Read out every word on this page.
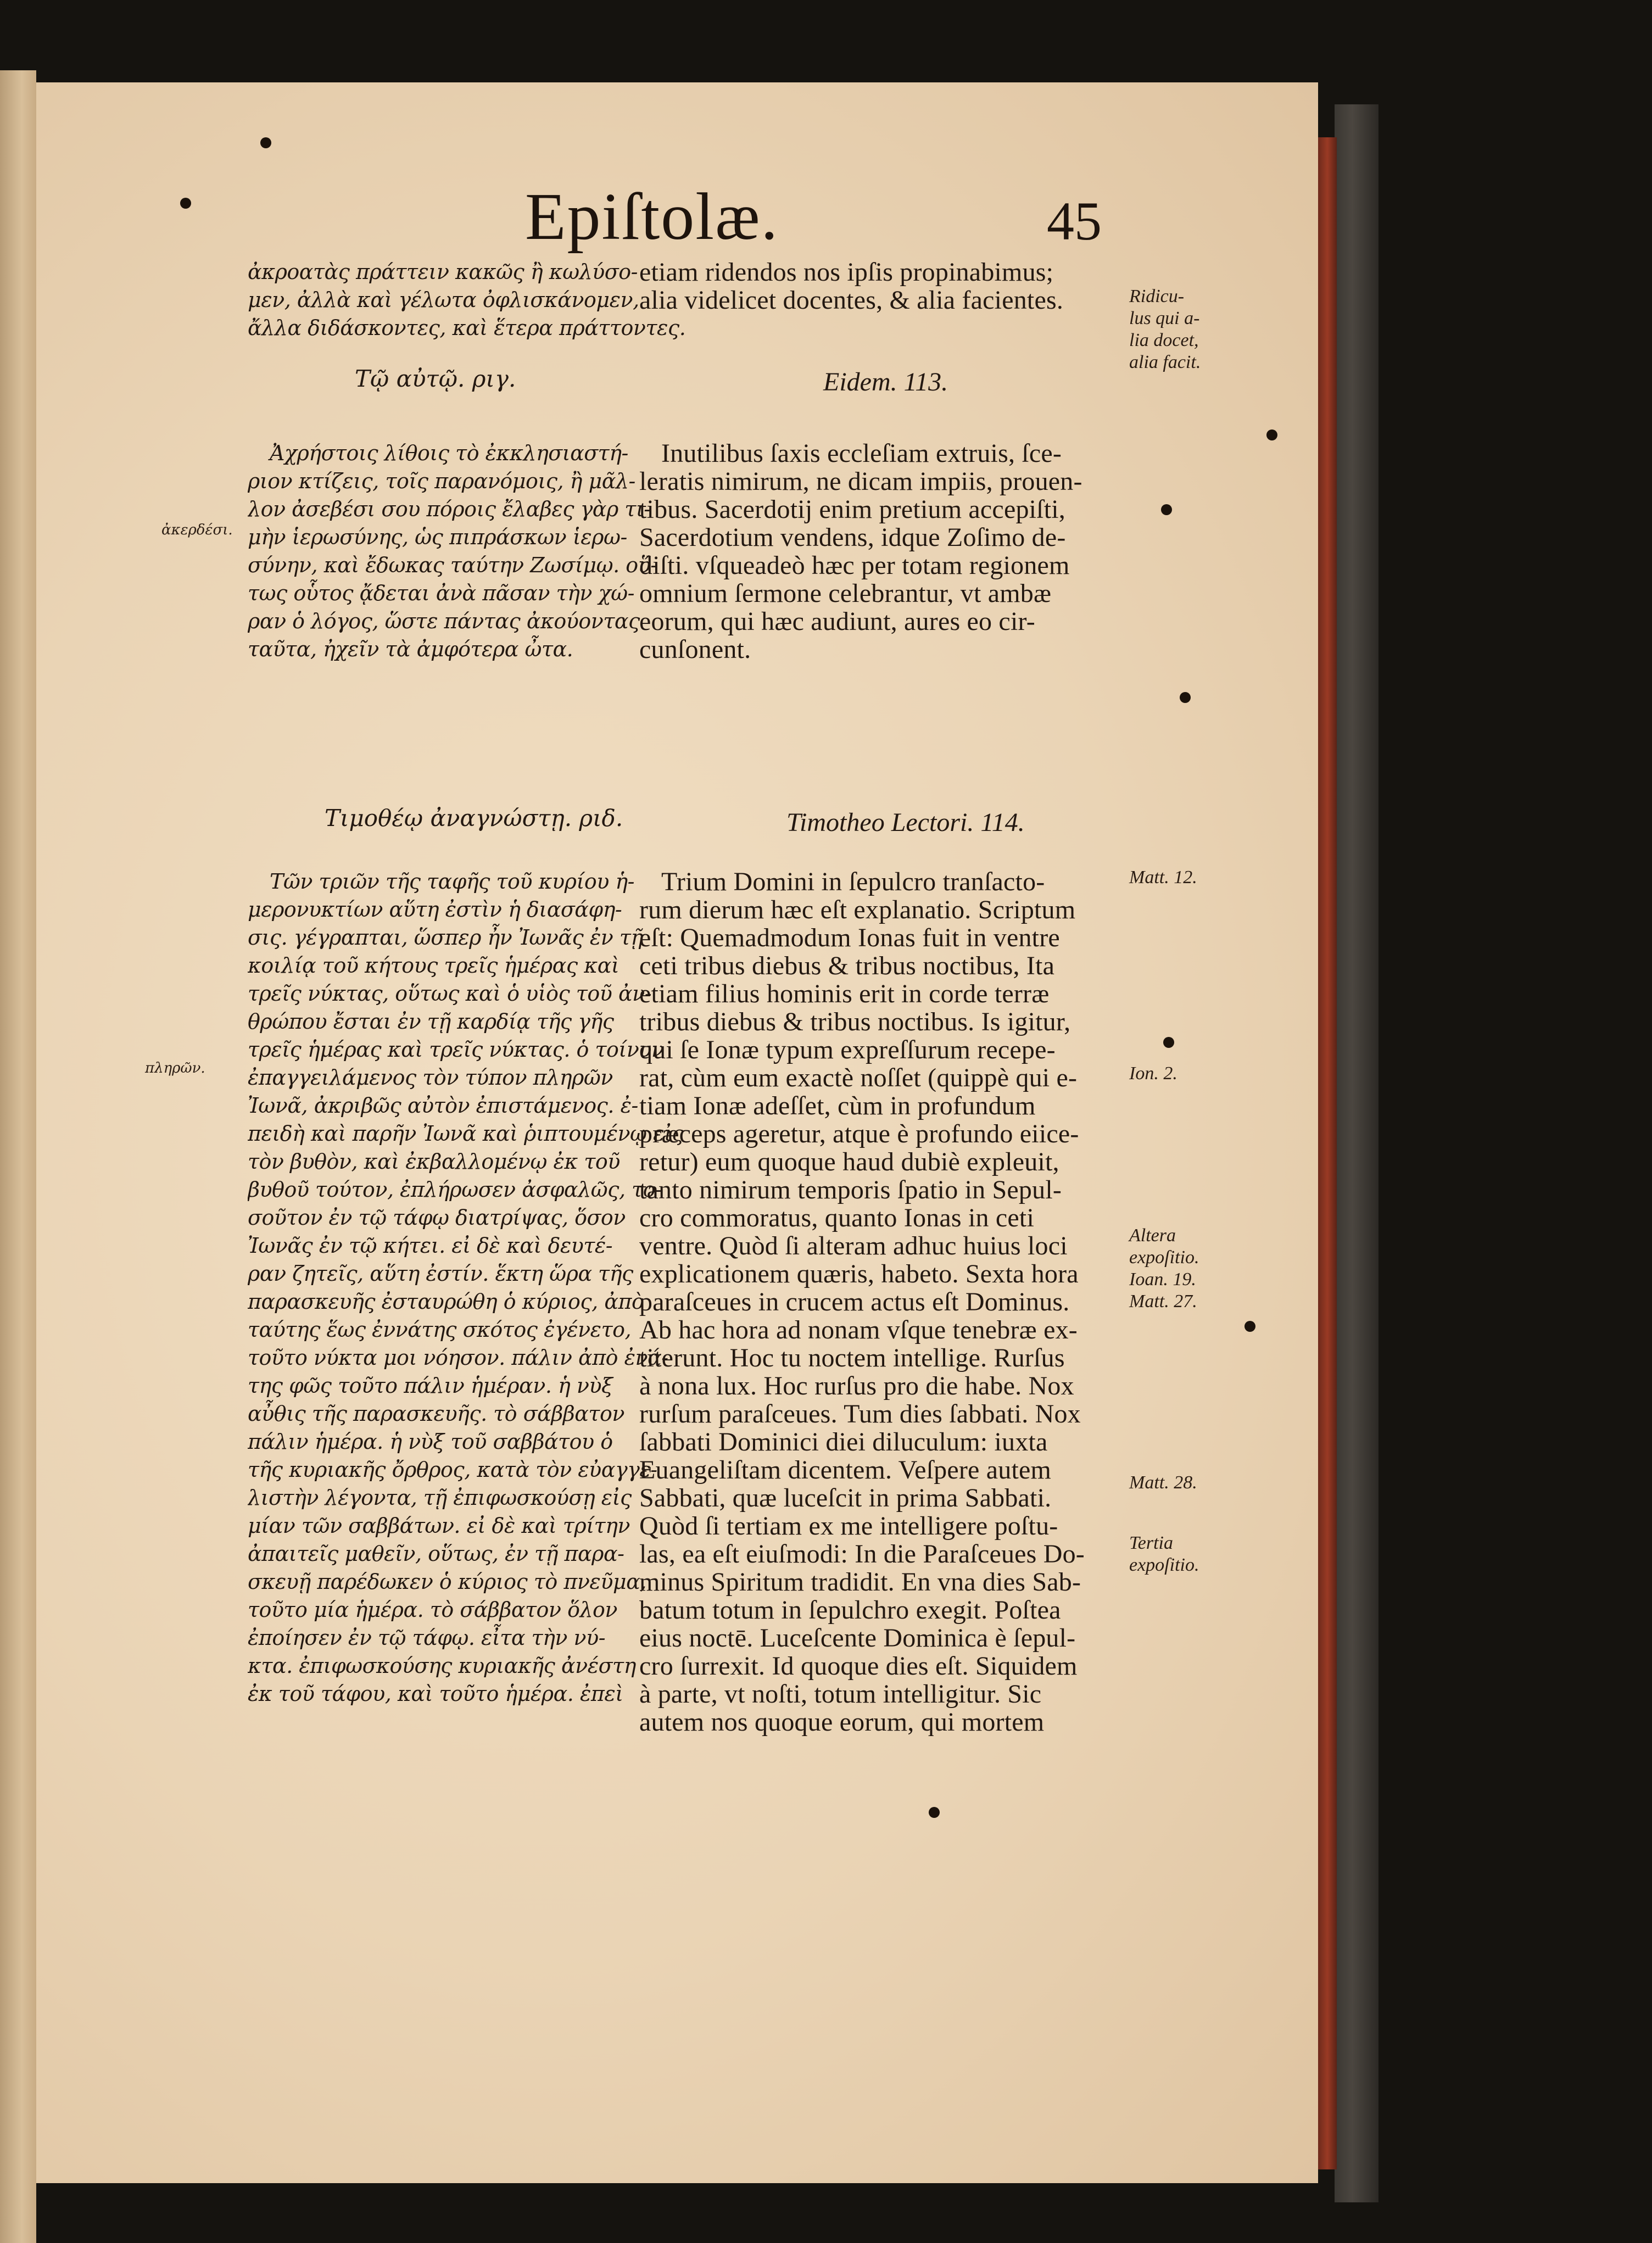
Epiſtolæ.	45
ἀκροατὰς πράττειν κακῶς ἢ κωλύσο-
μεν, ἀλλὰ καὶ γέλωτα ὀφλισκάνομεν,
ἄλλα διδάσκοντες, καὶ ἕτερα πράττοντες.
Τῷ αὐτῷ. ριγ.
Ἀχρήστοις λίθοις τὸ ἐκκλησιαστή-
ριον κτίζεις, τοῖς παρανόμοις, ἢ μᾶλ-
λον ἀσεβέσι σου πόροις ἔλαβες γὰρ τι-
μὴν ἱερωσύνης, ὡς πιπράσκων ἱερω-
σύνην, καὶ ἔδωκας ταύτην Ζωσίμῳ. οὕ-
τως οὗτος ᾄδεται ἀνὰ πᾶσαν τὴν χώ-
ραν ὁ λόγος, ὥστε πάντας ἀκούοντας
ταῦτα, ἠχεῖν τὰ ἀμφότερα ὦτα.
Τιμοθέῳ ἀναγνώστῃ. ριδ.
Τῶν τριῶν τῆς ταφῆς τοῦ κυρίου ἡ-
μερονυκτίων αὕτη ἐστὶν ἡ διασάφη-
σις. γέγραπται, ὥσπερ ἦν Ἰωνᾶς ἐν τῇ
κοιλίᾳ τοῦ κήτους τρεῖς ἡμέρας καὶ
τρεῖς νύκτας, οὕτως καὶ ὁ υἱὸς τοῦ ἀν-
θρώπου ἔσται ἐν τῇ καρδίᾳ τῆς γῆς
τρεῖς ἡμέρας καὶ τρεῖς νύκτας. ὁ τοίνυν
ἐπαγγειλάμενος τὸν τύπον πληρῶν
Ἰωνᾶ, ἀκριβῶς αὐτὸν ἐπιστάμενος. ἐ-
πειδὴ καὶ παρῆν Ἰωνᾶ καὶ ῥιπτουμένῳ εἰς
τὸν βυθὸν, καὶ ἐκβαλλομένῳ ἐκ τοῦ
βυθοῦ τούτον, ἐπλήρωσεν ἀσφαλῶς, το-
σοῦτον ἐν τῷ τάφῳ διατρίψας, ὅσον
Ἰωνᾶς ἐν τῷ κήτει. εἰ δὲ καὶ δευτέ-
ραν ζητεῖς, αὕτη ἐστίν. ἕκτη ὥρα τῆς
παρασκευῆς ἐσταυρώθη ὁ κύριος, ἀπὸ
ταύτης ἕως ἐννάτης σκότος ἐγένετο,
τοῦτο νύκτα μοι νόησον. πάλιν ἀπὸ ἐνά-
της φῶς τοῦτο πάλιν ἡμέραν. ἡ νὺξ
αὖθις τῆς παρασκευῆς. τὸ σάββατον
πάλιν ἡμέρα. ἡ νὺξ τοῦ σαββάτου ὁ
τῆς κυριακῆς ὄρθρος, κατὰ τὸν εὐαγγε-
λιστὴν λέγοντα, τῇ ἐπιφωσκούσῃ εἰς
μίαν τῶν σαββάτων. εἰ δὲ καὶ τρίτην
ἀπαιτεῖς μαθεῖν, οὕτως, ἐν τῇ παρα-
σκευῇ παρέδωκεν ὁ κύριος τὸ πνεῦμα,
τοῦτο μία ἡμέρα. τὸ σάββατον ὅλον
ἐποίησεν ἐν τῷ τάφῳ. εἶτα τὴν νύ-
κτα. ἐπιφωσκούσης κυριακῆς ἀνέστη
ἐκ τοῦ τάφου, καὶ τοῦτο ἡμέρα. ἐπεὶ
ἀκερδέσι.
πληρῶν.
etiam ridendos nos ipſis propinabimus;
alia videlicet docentes, & alia facientes.
Eidem. 113.
Inutilibus ſaxis eccleſiam extruis, ſce-
leratis nimirum, ne dicam impiis, prouen-
tibus. Sacerdotij enim pretium accepiſti,
Sacerdotium vendens, idque Zoſimo de-
diſti. vſqueadeò hæc per totam regionem
omnium ſermone celebrantur, vt ambæ
eorum, qui hæc audiunt, aures eo cir-
cunſonent.
Timotheo Lectori. 114.
Trium Domini in ſepulcro tranſacto-
rum dierum hæc eſt explanatio. Scriptum
eſt: Quemadmodum Ionas fuit in ventre
ceti tribus diebus & tribus noctibus, Ita
etiam filius hominis erit in corde terræ
tribus diebus & tribus noctibus. Is igitur,
qui ſe Ionæ typum expreſſurum recepe-
rat, cùm eum exactè noſſet (quippè qui e-
tiam Ionæ adeſſet, cùm in profundum
præceps ageretur, atque è profundo eiice-
retur) eum quoque haud dubiè expleuit,
tanto nimirum temporis ſpatio in Sepul-
cro commoratus, quanto Ionas in ceti
ventre. Quòd ſi alteram adhuc huius loci
explicationem quæris, habeto. Sexta hora
paraſceues in crucem actus eſt Dominus.
Ab hac hora ad nonam vſque tenebræ ex-
titerunt. Hoc tu noctem intellige. Rurſus
à nona lux. Hoc rurſus pro die habe. Nox
rurſum paraſceues. Tum dies ſabbati. Nox
ſabbati Dominici diei diluculum: iuxta
Euangeliſtam dicentem. Veſpere autem
Sabbati, quæ luceſcit in prima Sabbati.
Quòd ſi tertiam ex me intelligere poſtu-
las, ea eſt eiuſmodi: In die Paraſceues Do-
minus Spiritum tradidit. En vna dies Sab-
batum totum in ſepulchro exegit. Poſtea
eius noctē. Luceſcente Dominica è ſepul-
cro ſurrexit. Id quoque dies eſt. Siquidem
à parte, vt noſti, totum intelligitur. Sic
autem nos quoque eorum, qui mortem
Ridicu-
lus qui a-
lia docet,
alia facit.
Matt. 12.
Ion. 2.
Altera
expoſitio.
Ioan. 19.
Matt. 27.
Matt. 28.
Tertia
expoſitio.
